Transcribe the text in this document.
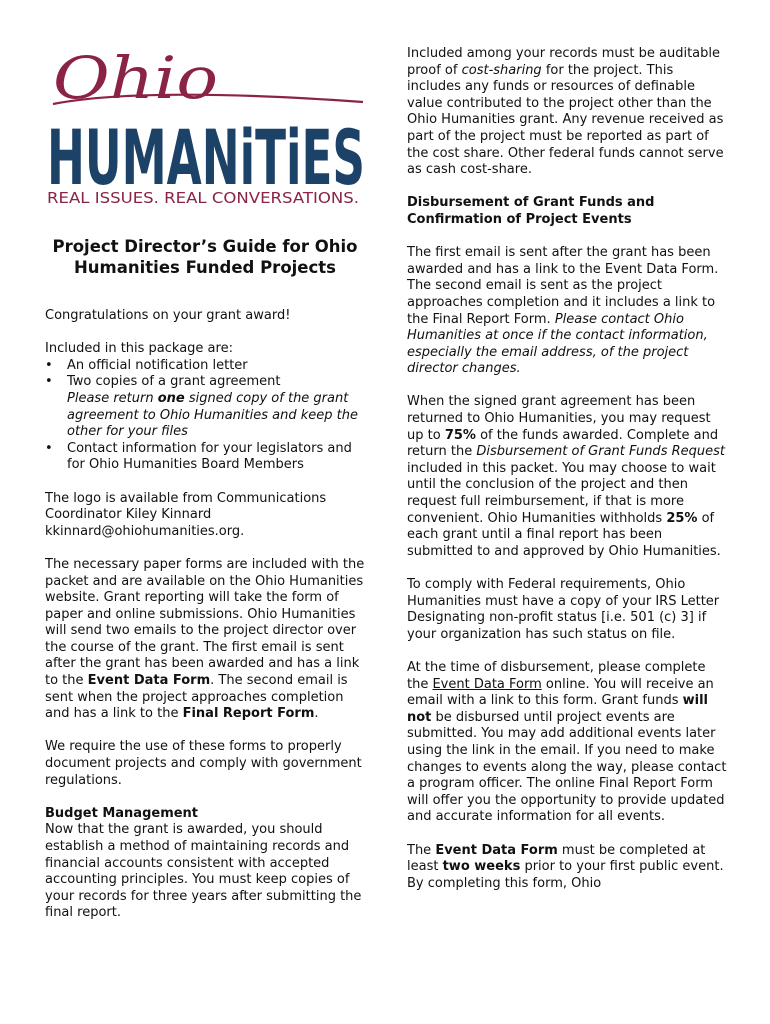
Ohio
HUMANiTiES
REAL ISSUES. REAL CONVERSATIONS.
Project Director’s Guide for Ohio Humanities Funded Projects

Congratulations on your grant award!

Included in this package are:

• An official notification letter
• Two copies of a grant agreement
Please return one signed copy of the grant agreement to Ohio Humanities and keep the other for your files
• Contact information for your legislators and for Ohio Humanities Board Members

The logo is available from Communications Coordinator Kiley Kinnard kkinnard@ohiohumanities.org.

The necessary paper forms are included with the packet and are available on the Ohio Humanities website. Grant reporting will take the form of paper and online submissions. Ohio Humanities will send two emails to the project director over the course of the grant. The first email is sent after the grant has been awarded and has a link to the Event Data Form. The second email is sent when the project approaches completion and has a link to the Final Report Form.

We require the use of these forms to properly document projects and comply with government regulations.

Budget Management

Now that the grant is awarded, you should establish a method of maintaining records and financial accounts consistent with accepted accounting principles. You must keep copies of your records for three years after submitting the final report.

Included among your records must be auditable proof of cost-sharing for the project. This includes any funds or resources of definable value contributed to the project other than the Ohio Humanities grant. Any revenue received as part of the project must be reported as part of the cost share. Other federal funds cannot serve as cash cost-share.

Disbursement of Grant Funds and Confirmation of Project Events

The first email is sent after the grant has been awarded and has a link to the Event Data Form. The second email is sent as the project approaches completion and it includes a link to the Final Report Form. Please contact Ohio Humanities at once if the contact information, especially the email address, of the project director changes.

When the signed grant agreement has been returned to Ohio Humanities, you may request up to 75% of the funds awarded. Complete and return the Disbursement of Grant Funds Request included in this packet. You may choose to wait until the conclusion of the project and then request full reimbursement, if that is more convenient. Ohio Humanities withholds 25% of each grant until a final report has been submitted to and approved by Ohio Humanities.

To comply with Federal requirements, Ohio Humanities must have a copy of your IRS Letter Designating non-profit status [i.e. 501 (c) 3] if your organization has such status on file.

At the time of disbursement, please complete the Event Data Form online. You will receive an email with a link to this form. Grant funds will not be disbursed until project events are submitted. You may add additional events later using the link in the email. If you need to make changes to events along the way, please contact a program officer. The online Final Report Form will offer you the opportunity to provide updated and accurate information for all events.

The Event Data Form must be completed at least two weeks prior to your first public event. By completing this form, Ohio
